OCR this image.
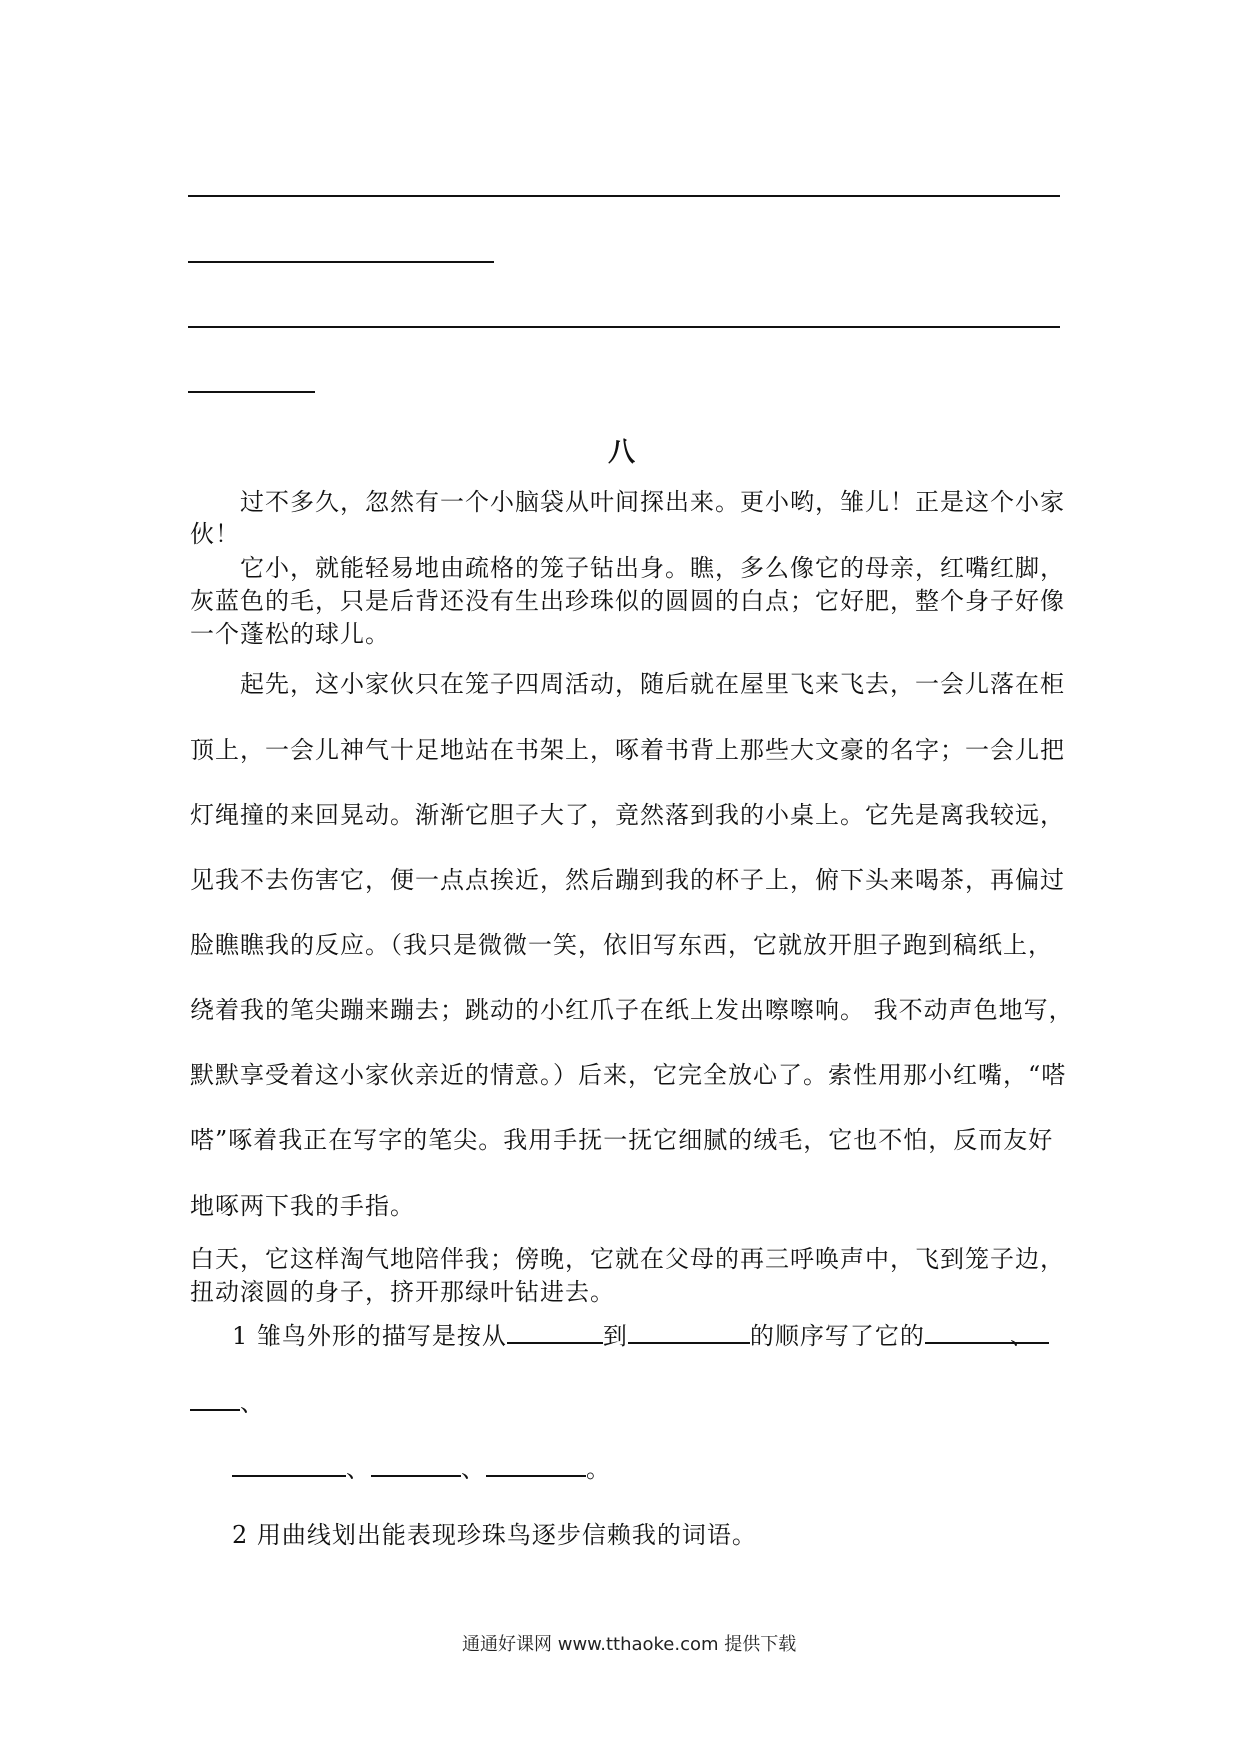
八
过不多久，忽然有一个小脑袋从叶间探出来。更小哟，雏儿！正是这个小家
伙！
它小，就能轻易地由疏格的笼子钻出身。瞧，多么像它的母亲，红嘴红脚，
灰蓝色的毛，只是后背还没有生出珍珠似的圆圆的白点；它好肥，整个身子好像
一个蓬松的球儿。
起先，这小家伙只在笼子四周活动，随后就在屋里飞来飞去，一会儿落在柜
顶上，一会儿神气十足地站在书架上，啄着书背上那些大文豪的名字；一会儿把
灯绳撞的来回晃动。渐渐它胆子大了，竟然落到我的小桌上。它先是离我较远，
见我不去伤害它，便一点点挨近，然后蹦到我的杯子上，俯下头来喝茶，再偏过
脸瞧瞧我的反应。（我只是微微一笑，依旧写东西，它就放开胆子跑到稿纸上，
绕着我的笔尖蹦来蹦去；跳动的小红爪子在纸上发出嚓嚓响。 我不动声色地写，
默默享受着这小家伙亲近的情意。）后来，它完全放心了。索性用那小红嘴，“嗒
嗒”啄着我正在写字的笔尖。我用手抚一抚它细腻的绒毛，它也不怕，反而友好
地啄两下我的手指。
白天，它这样淘气地陪伴我；傍晚，它就在父母的再三呼唤声中，飞到笼子边，
扭动滚圆的身子，挤开那绿叶钻进去。
1 雏鸟外形的描写是按从	到	的顺序写了它的	、
、
、	、	。
2 用曲线划出能表现珍珠鸟逐步信赖我的词语。
通通好课网 www.tthaoke.com 提供下载
